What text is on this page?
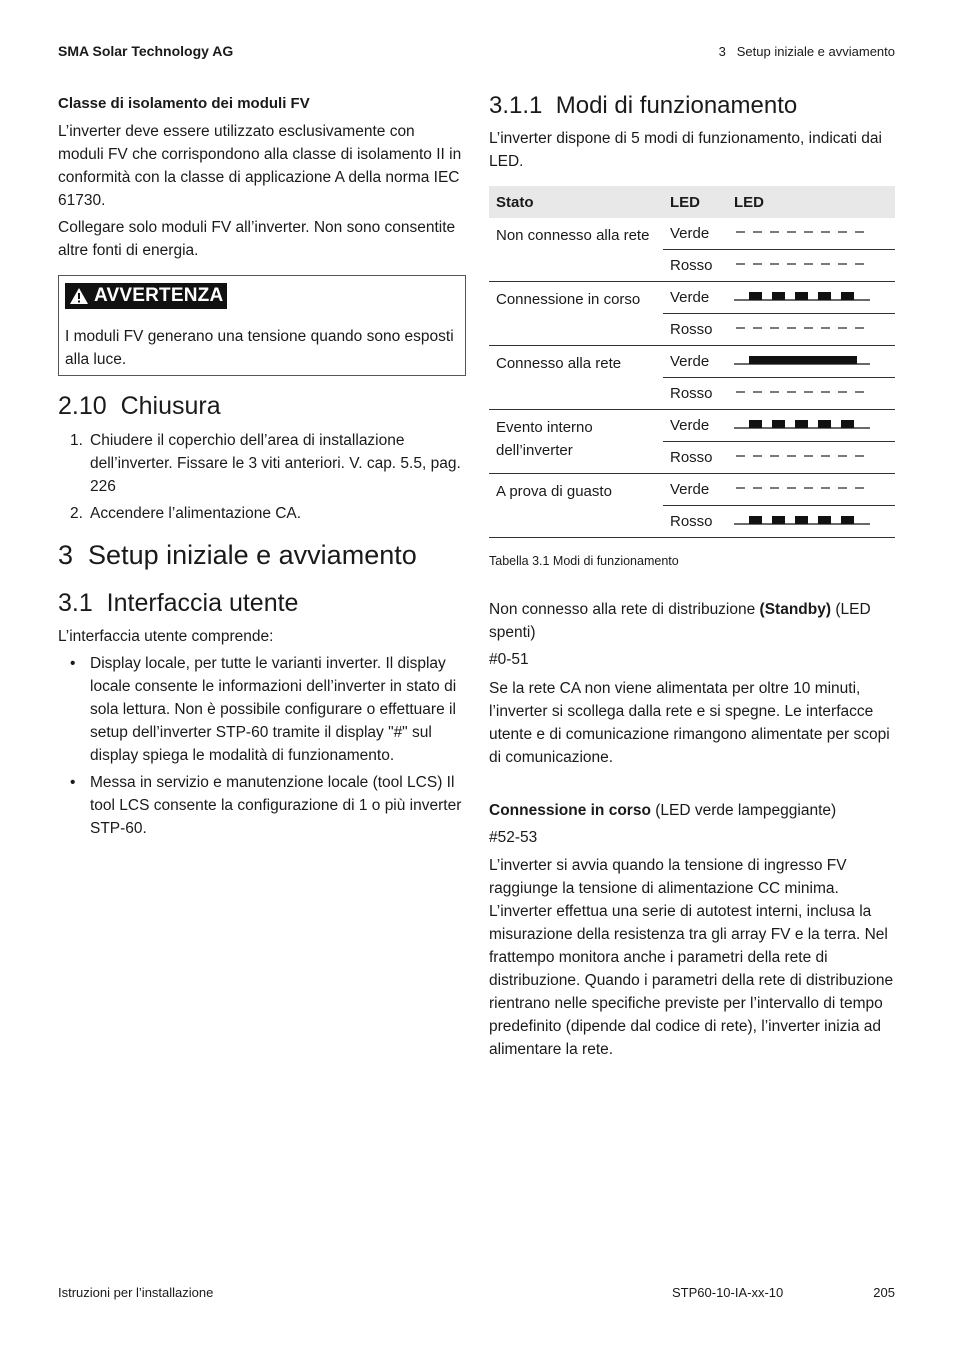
SMA Solar Technology AG	3   Setup iniziale e avviamento
Classe di isolamento dei moduli FV

L’inverter deve essere utilizzato esclusivamente con moduli FV che corrispondono alla classe di isolamento II in conformità con la classe di applicazione A della norma IEC 61730.

Collegare solo moduli FV all’inverter. Non sono consentite altre fonti di energia.

AVVERTENZA

I moduli FV generano una tensione quando sono esposti alla luce.

2.10 Chiusura
1. Chiudere il coperchio dell’area di installazione dell’inverter. Fissare le 3 viti anteriori. V. cap. 5.5, pag. 226
2. Accendere l’alimentazione CA.
3 Setup iniziale e avviamento
3.1 Interfaccia utente

L’interfaccia utente comprende:

• Display locale, per tutte le varianti inverter. Il display locale consente le informazioni dell’inverter in stato di sola lettura. Non è possibile configurare o effettuare il setup dell’inverter STP-60 tramite il display "#" sul display spiega le modalità di funzionamento.
• Messa in servizio e manutenzione locale (tool LCS) Il tool LCS consente la configurazione di 1 o più inverter STP-60.
3.1.1 Modi di funzionamento

L’inverter dispone di 5 modi di funzionamento, indicati dai LED.

Stato	LED	LED
Non connesso alla rete	Verde	
	Rosso	
Connessione in corso	Verde	
	Rosso	
Connesso alla rete	Verde	
	Rosso	
Evento interno dell’inverter	Verde	
	Rosso	
A prova di guasto	Verde	
	Rosso	
Tabella 3.1 Modi di funzionamento

Non connesso alla rete di distribuzione (Standby) (LED spenti)

#0-51

Se la rete CA non viene alimentata per oltre 10 minuti, l’inverter si scollega dalla rete e si spegne. Le interfacce utente e di comunicazione rimangono alimentate per scopi di comunicazione.

Connessione in corso (LED verde lampeggiante)

#52-53

L’inverter si avvia quando la tensione di ingresso FV raggiunge la tensione di alimentazione CC minima. L’inverter effettua una serie di autotest interni, inclusa la misurazione della resistenza tra gli array FV e la terra. Nel frattempo monitora anche i parametri della rete di distribuzione. Quando i parametri della rete di distribuzione rientrano nelle specifiche previste per l’intervallo di tempo predefinito (dipende dal codice di rete), l’inverter inizia ad alimentare la rete.

Istruzioni per l’installazione	STP60-10-IA-xx-10	205
